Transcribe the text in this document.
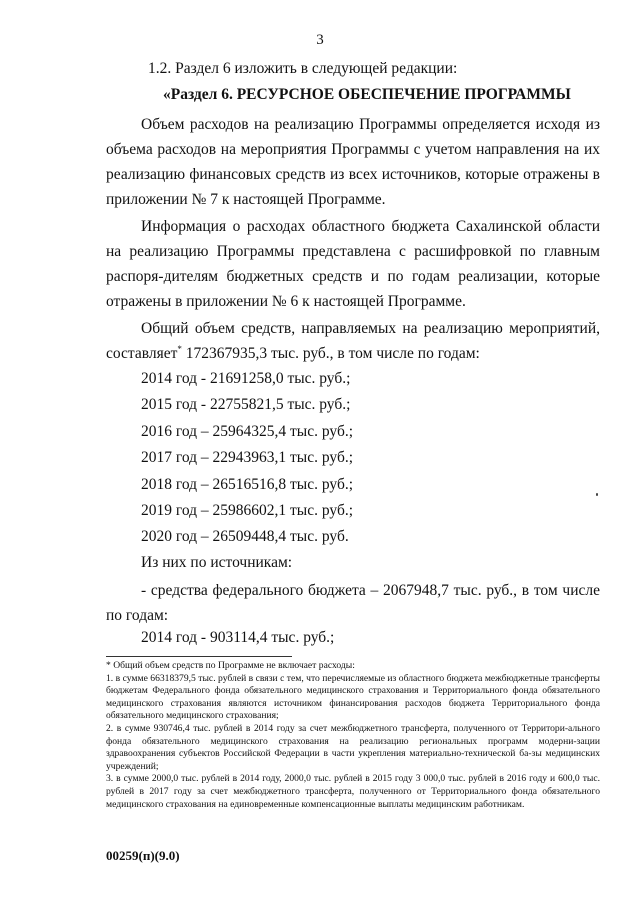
3
1.2. Раздел 6 изложить в следующей редакции:
«Раздел 6. РЕСУРСНОЕ ОБЕСПЕЧЕНИЕ ПРОГРАММЫ

Объем расходов на реализацию Программы определяется исходя из объема расходов на мероприятия Программы с учетом направления на их реализацию финансовых средств из всех источников, которые отражены в приложении № 7 к настоящей Программе.

Информация о расходах областного бюджета Сахалинской области на реализацию Программы представлена с расшифровкой по главным распоря-дителям бюджетных средств и по годам реализации, которые отражены в приложении № 6 к настоящей Программе.

Общий объем средств, направляемых на реализацию мероприятий, составляет* 172367935,3 тыс. руб., в том числе по годам:

2014 год - 21691258,0 тыс. руб.;
2015 год - 22755821,5 тыс. руб.;
2016 год – 25964325,4 тыс. руб.;
2017 год – 22943963,1 тыс. руб.;
2018 год – 26516516,8 тыс. руб.;
2019 год – 25986602,1 тыс. руб.;
2020 год – 26509448,4 тыс. руб.
Из них по источникам:

- средства федерального бюджета – 2067948,7 тыс. руб., в том числе по годам:

2014 год - 903114,4 тыс. руб.;

* Общий объем средств по Программе не включает расходы:

1. в сумме 66318379,5 тыс. рублей в связи с тем, что перечисляемые из областного бюджета межбюджетные трансферты бюджетам Федерального фонда обязательного медицинского страхования и Территориального фонда обязательного медицинского страхования являются источником финансирования расходов бюджета Территориального фонда обязательного медицинского страхования;

2. в сумме 930746,4 тыс. рублей в 2014 году за счет межбюджетного трансферта, полученного от Территори-ального фонда обязательного медицинского страхования на реализацию региональных программ модерни-зации здравоохранения субъектов Российской Федерации в части укрепления материально-технической ба-зы медицинских учреждений;

3. в сумме 2000,0 тыс. рублей в 2014 году, 2000,0 тыс. рублей в 2015 году 3 000,0 тыс. рублей в 2016 году и 600,0 тыс. рублей в 2017 году за счет межбюджетного трансферта, полученного от Территориального фонда обязательного медицинского страхования на единовременные компенсационные выплаты медицинским работникам.

00259(п)(9.0)
